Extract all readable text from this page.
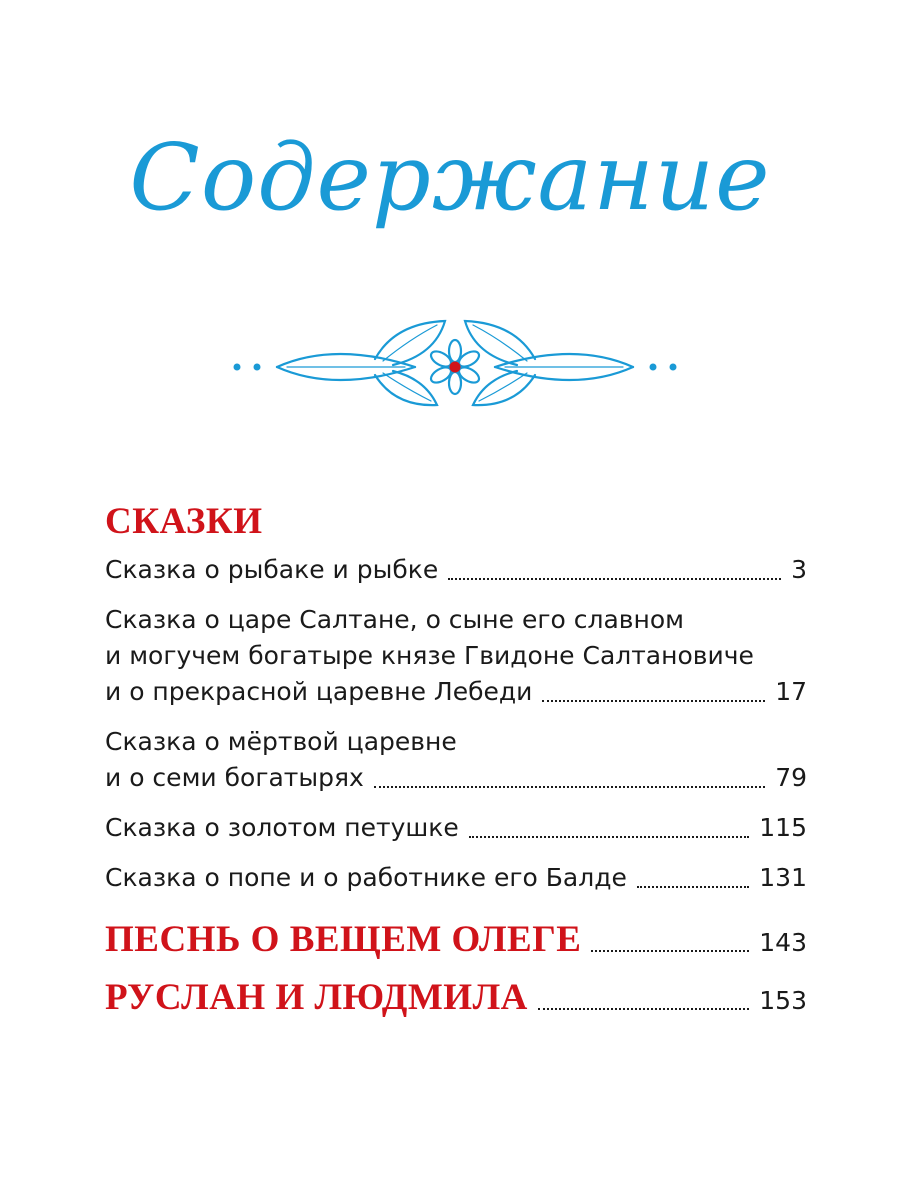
Содержание
СКАЗКИ
Сказка о рыбаке и рыбке	3
Сказка о царе Салтане, о сыне его славном
и могучем богатыре князе Гвидоне Салтановиче
и о прекрасной царевне Лебеди	17
Сказка о мёртвой царевне
и о семи богатырях	79
Сказка о золотом петушке	115
Сказка о попе и о работнике его Балде	131
ПЕСНЬ О ВЕЩЕМ ОЛЕГЕ	143
РУСЛАН И ЛЮДМИЛА	153
